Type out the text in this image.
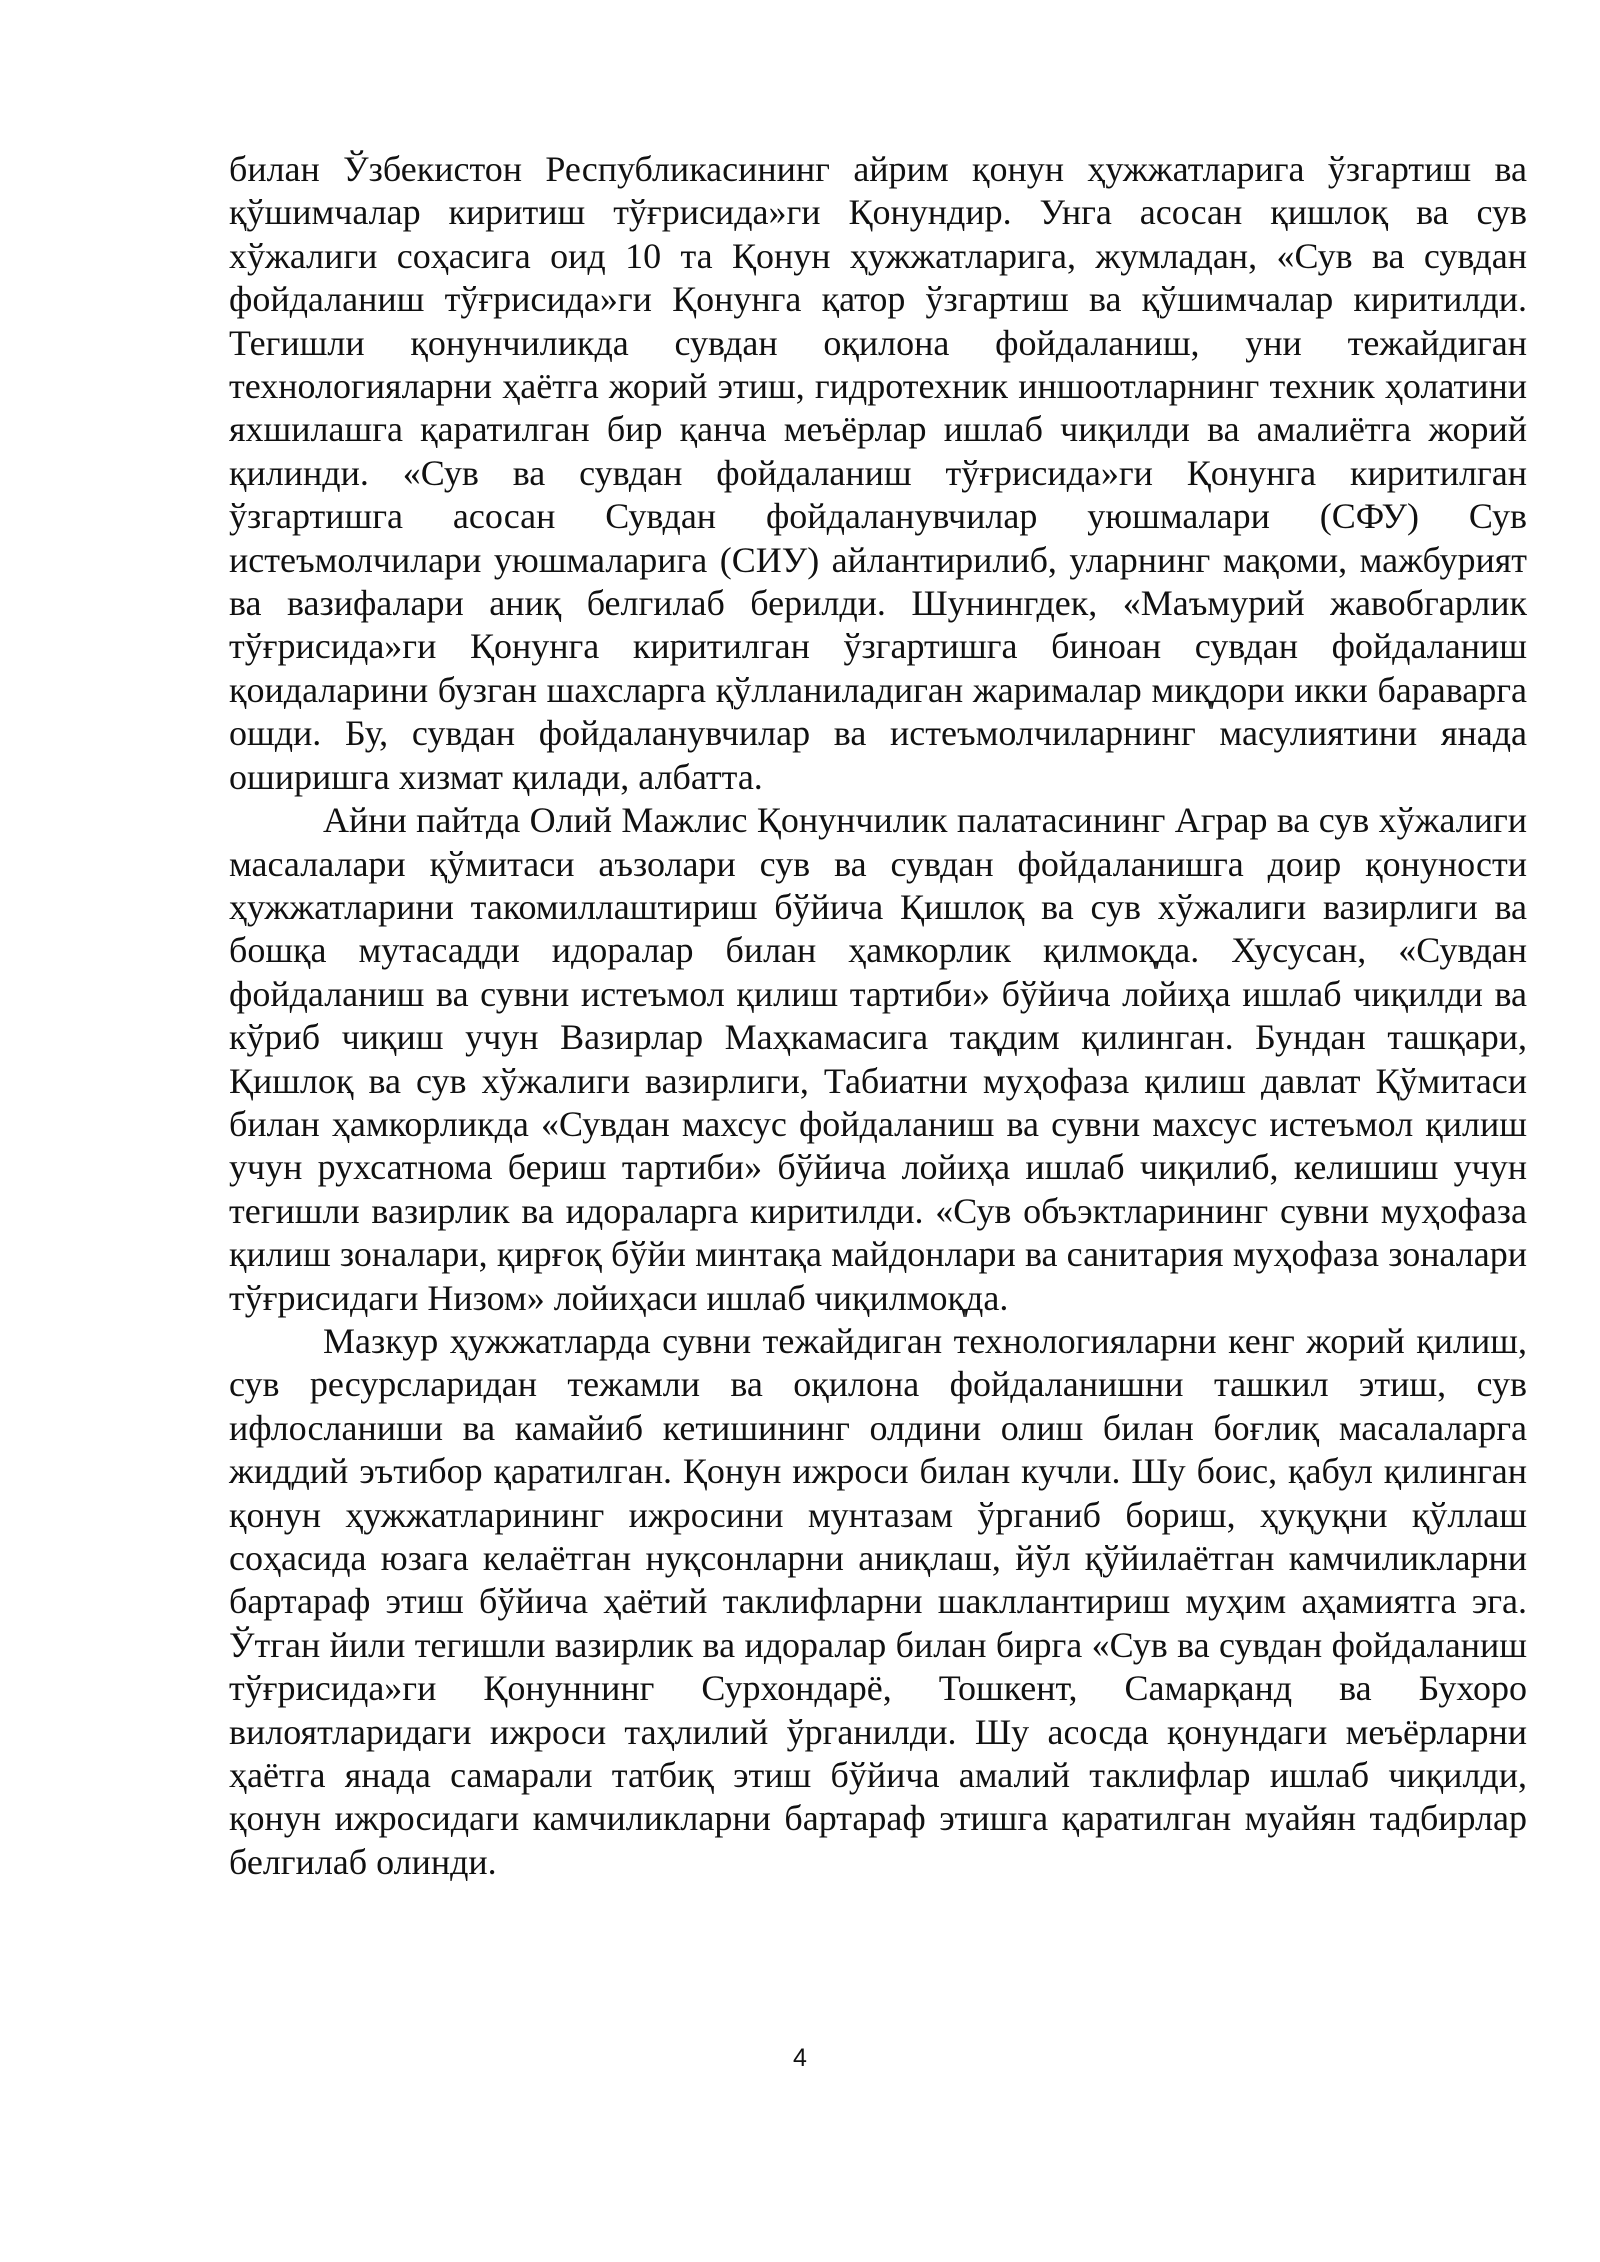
билан Ўзбекистон Республикасининг айрим қонун ҳужжатларига ўзгартиш ва қўшимчалар киритиш тўғрисида»ги Қонундир. Унга асосан қишлоқ ва сув хўжалиги соҳасига оид 10 та Қонун ҳужжатларига, жумладан, «Сув ва сувдан фойдаланиш тўғрисида»ги Қонунга қатор ўзгартиш ва қўшимчалар киритилди. Тегишли қонунчиликда сувдан оқилона фойдаланиш, уни тежайдиган технологияларни ҳаётга жорий этиш, гидротехник иншоотларнинг техник ҳолатини яхшилашга қаратилган бир қанча меъёрлар ишлаб чиқилди ва амалиётга жорий қилинди. «Сув ва сувдан фойдаланиш тўғрисида»ги Қонунга киритилган ўзгартишга асосан Сувдан фойдаланувчилар уюшмалари (СФУ) Сув истеъмолчилари уюшмаларига (СИУ) айлантирилиб, уларнинг мақоми, мажбурият ва вазифалари аниқ белгилаб берилди. Шунингдек, «Маъмурий жавобгарлик тўғрисида»ги Қонунга киритилган ўзгартишга биноан сувдан фойдаланиш қоидаларини бузган шахсларга қўлланиладиган жарималар миқдори икки бараварга ошди. Бу, сувдан фойдаланувчилар ва истеъмолчиларнинг масулиятини янада оширишга хизмат қилади, албатта.

Айни пайтда Олий Мажлис Қонунчилик палатасининг Аграр ва сув хўжалиги масалалари қўмитаси аъзолари сув ва сувдан фойдаланишга доир қонуности ҳужжатларини такомиллаштириш бўйича Қишлоқ ва сув хўжалиги вазирлиги ва бошқа мутасадди идоралар билан ҳамкорлик қилмоқда. Хусусан, «Сувдан фойдаланиш ва сувни истеъмол қилиш тартиби» бўйича лойиҳа ишлаб чиқилди ва кўриб чиқиш учун Вазирлар Маҳкамасига тақдим қилинган. Бундан ташқари, Қишлоқ ва сув хўжалиги вазирлиги, Табиатни муҳофаза қилиш давлат Қўмитаси билан ҳамкорликда «Сувдан махсус фойдаланиш ва сувни махсус истеъмол қилиш учун рухсатнома бериш тартиби» бўйича лойиҳа ишлаб чиқилиб, келишиш учун тегишли вазирлик ва идораларга киритилди. «Сув объэктларининг сувни муҳофаза қилиш зоналари, қирғоқ бўйи минтақа майдонлари ва санитария муҳофаза зоналари тўғрисидаги Низом» лойиҳаси ишлаб чиқилмоқда.

Мазкур ҳужжатларда сувни тежайдиган технологияларни кенг жорий қилиш, сув ресурсларидан тежамли ва оқилона фойдаланишни ташкил этиш, сув ифлосланиши ва камайиб кетишининг олдини олиш билан боғлиқ масалаларга жиддий эътибор қаратилган. Қонун ижроси билан кучли. Шу боис, қабул қилинган қонун ҳужжатларининг ижросини мунтазам ўрганиб бориш, ҳуқуқни қўллаш соҳасида юзага келаётган нуқсонларни аниқлаш, йўл қўйилаётган камчиликларни бартараф этиш бўйича ҳаётий таклифларни шакллантириш муҳим аҳамиятга эга. Ўтган йили тегишли вазирлик ва идоралар билан бирга «Сув ва сувдан фойдаланиш тўғрисида»ги Қонуннинг Сурхондарё, Тошкент, Самарқанд ва Бухоро вилоятларидаги ижроси таҳлилий ўрганилди. Шу асосда қонундаги меъёрларни ҳаётга янада самарали татбиқ этиш бўйича амалий таклифлар ишлаб чиқилди, қонун ижросидаги камчиликларни бартараф этишга қаратилган муайян тадбирлар белгилаб олинди.

4
